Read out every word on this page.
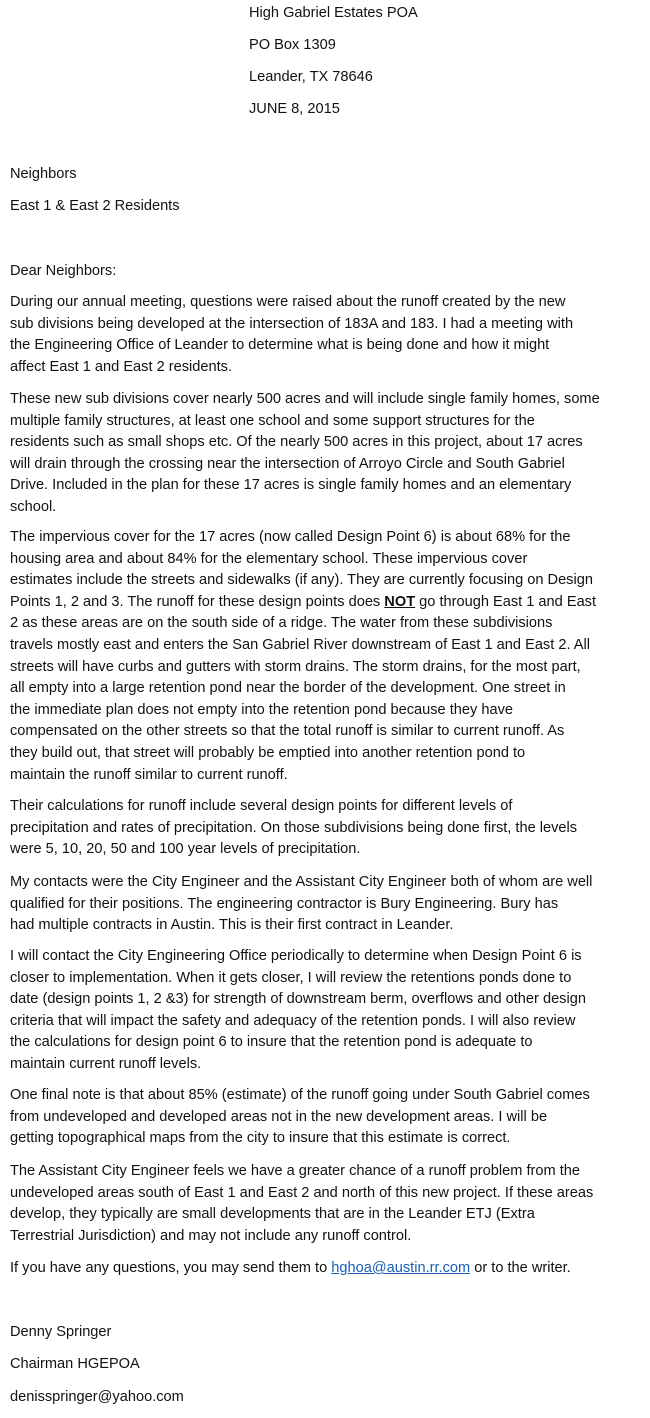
High Gabriel Estates POA
PO Box 1309
Leander, TX 78646
JUNE 8, 2015
Neighbors
East 1 & East 2 Residents
Dear Neighbors:
During our annual meeting, questions were raised about the runoff created by the new
sub divisions being developed at the intersection of 183A and 183. I had a meeting with
the Engineering Office of Leander to determine what is being done and how it might
affect East 1 and East 2 residents.
These new sub divisions cover nearly 500 acres and will include single family homes, some
multiple family structures, at least one school and some support structures for the
residents such as small shops etc. Of the nearly 500 acres in this project, about 17 acres
will drain through the crossing near the intersection of Arroyo Circle and South Gabriel
Drive. Included in the plan for these 17 acres is single family homes and an elementary
school.
The impervious cover for the 17 acres (now called Design Point 6) is about 68% for the
housing area and about 84% for the elementary school. These impervious cover
estimates include the streets and sidewalks (if any). They are currently focusing on Design
Points 1, 2 and 3. The runoff for these design points does NOT go through East 1 and East
2 as these areas are on the south side of a ridge. The water from these subdivisions
travels mostly east and enters the San Gabriel River downstream of East 1 and East 2. All
streets will have curbs and gutters with storm drains. The storm drains, for the most part,
all empty into a large retention pond near the border of the development. One street in
the immediate plan does not empty into the retention pond because they have
compensated on the other streets so that the total runoff is similar to current runoff. As
they build out, that street will probably be emptied into another retention pond to
maintain the runoff similar to current runoff.
Their calculations for runoff include several design points for different levels of
precipitation and rates of precipitation. On those subdivisions being done first, the levels
were 5, 10, 20, 50 and 100 year levels of precipitation.
My contacts were the City Engineer and the Assistant City Engineer both of whom are well
qualified for their positions. The engineering contractor is Bury Engineering. Bury has
had multiple contracts in Austin. This is their first contract in Leander.
I will contact the City Engineering Office periodically to determine when Design Point 6 is
closer to implementation. When it gets closer, I will review the retentions ponds done to
date (design points 1, 2 &3) for strength of downstream berm, overflows and other design
criteria that will impact the safety and adequacy of the retention ponds. I will also review
the calculations for design point 6 to insure that the retention pond is adequate to
maintain current runoff levels.
One final note is that about 85% (estimate) of the runoff going under South Gabriel comes
from undeveloped and developed areas not in the new development areas. I will be
getting topographical maps from the city to insure that this estimate is correct.
The Assistant City Engineer feels we have a greater chance of a runoff problem from the
undeveloped areas south of East 1 and East 2 and north of this new project. If these areas
develop, they typically are small developments that are in the Leander ETJ (Extra
Terrestrial Jurisdiction) and may not include any runoff control.
If you have any questions, you may send them to hghoa@austin.rr.com or to the writer.
Denny Springer
Chairman HGEPOA
denisspringer@yahoo.com
